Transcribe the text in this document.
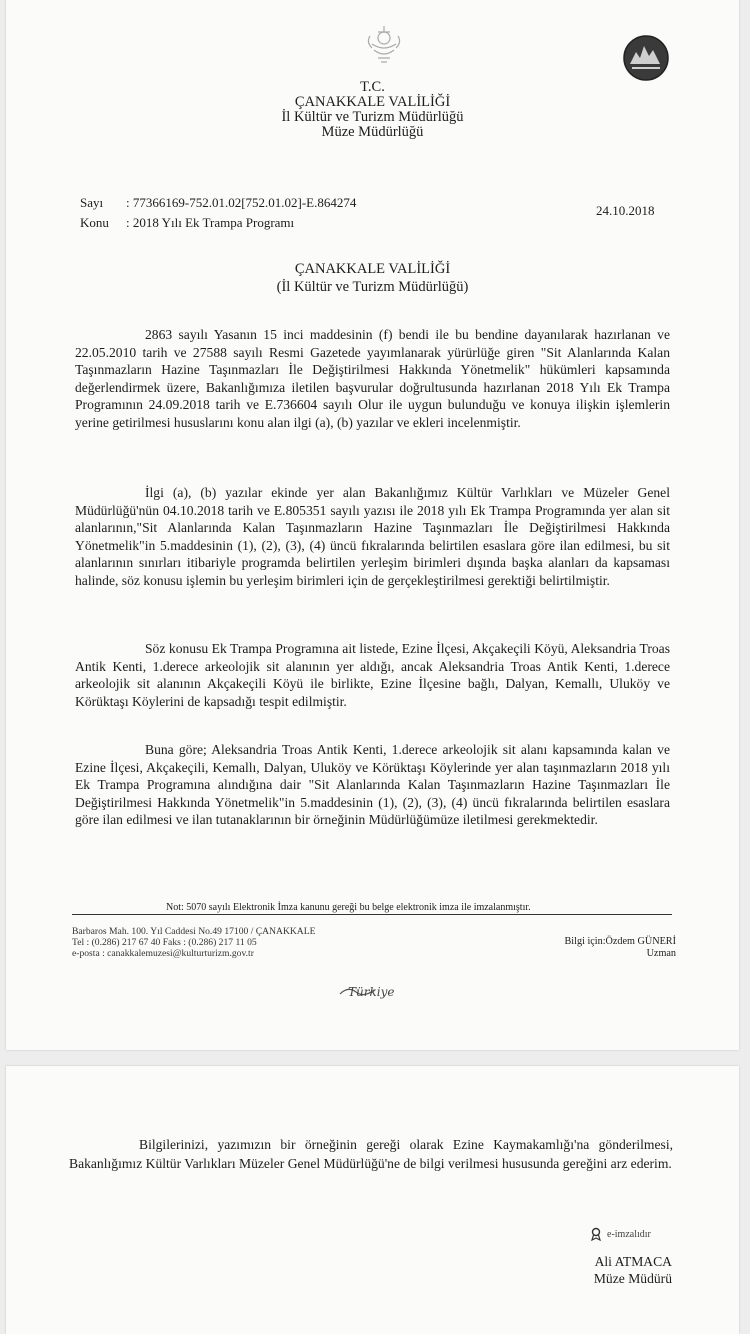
T.C.
ÇANAKKALE VALİLİĞİ
İl Kültür ve Turizm Müdürlüğü
Müze Müdürlüğü
Sayı : 77366169-752.01.02[752.01.02]-E.864274
Konu : 2018 Yılı Ek Trampa Programı
24.10.2018
ÇANAKKALE VALİLİĞİ
(İl Kültür ve Turizm Müdürlüğü)

2863 sayılı Yasanın 15 inci maddesinin (f) bendi ile bu bendine dayanılarak hazırlanan ve 22.05.2010 tarih ve 27588 sayılı Resmi Gazetede yayımlanarak yürürlüğe giren "Sit Alanlarında Kalan Taşınmazların Hazine Taşınmazları İle Değiştirilmesi Hakkında Yönetmelik" hükümleri kapsamında değerlendirmek üzere, Bakanlığımıza iletilen başvurular doğrultusunda hazırlanan 2018 Yılı Ek Trampa Programının 24.09.2018 tarih ve E.736604 sayılı Olur ile uygun bulunduğu ve konuya ilişkin işlemlerin yerine getirilmesi hususlarını konu alan ilgi (a), (b) yazılar ve ekleri incelenmiştir.

İlgi (a), (b) yazılar ekinde yer alan Bakanlığımız Kültür Varlıkları ve Müzeler Genel Müdürlüğü'nün 04.10.2018 tarih ve E.805351 sayılı yazısı ile 2018 yılı Ek Trampa Programında yer alan sit alanlarının,"Sit Alanlarında Kalan Taşınmazların Hazine Taşınmazları İle Değiştirilmesi Hakkında Yönetmelik"in 5.maddesinin (1), (2), (3), (4) üncü fıkralarında belirtilen esaslara göre ilan edilmesi, bu sit alanlarının sınırları itibariyle programda belirtilen yerleşim birimleri dışında başka alanları da kapsaması halinde, söz konusu işlemin bu yerleşim birimleri için de gerçekleştirilmesi gerektiği belirtilmiştir.

Söz konusu Ek Trampa Programına ait listede, Ezine İlçesi, Akçakeçili Köyü, Aleksandria Troas Antik Kenti, 1.derece arkeolojik sit alanının yer aldığı, ancak Aleksandria Troas Antik Kenti, 1.derece arkeolojik sit alanının Akçakeçili Köyü ile birlikte, Ezine İlçesine bağlı, Dalyan, Kemallı, Uluköy ve Körüktaşı Köylerini de kapsadığı tespit edilmiştir.

Buna göre; Aleksandria Troas Antik Kenti, 1.derece arkeolojik sit alanı kapsamında kalan ve Ezine İlçesi, Akçakeçili, Kemallı, Dalyan, Uluköy ve Körüktaşı Köylerinde yer alan taşınmazların 2018 yılı Ek Trampa Programına alındığına dair "Sit Alanlarında Kalan Taşınmazların Hazine Taşınmazları İle Değiştirilmesi Hakkında Yönetmelik"in 5.maddesinin (1), (2), (3), (4) üncü fıkralarında belirtilen esaslara göre ilan edilmesi ve ilan tutanaklarının bir örneğinin Müdürlüğümüze iletilmesi gerekmektedir.

Not: 5070 sayılı Elektronik İmza kanunu gereği bu belge elektronik imza ile imzalanmıştır.
Barbaros Mah. 100. Yıl Caddesi No.49 17100 / ÇANAKKALE
Tel : (0.286) 217 67 40 Faks : (0.286) 217 11 05
e-posta : canakkalemuzesi@kulturturizm.gov.tr
Bilgi için:Özdem GÜNERİ
Uzman
Türkiye

Bilgilerinizi, yazımızın bir örneğinin gereği olarak Ezine Kaymakamlığı'na gönderilmesi, Bakanlığımız Kültür Varlıkları Müzeler Genel Müdürlüğü'ne de bilgi verilmesi hususunda gereğini arz ederim.

e-imzalıdır
Ali ATMACA
Müze Müdürü
